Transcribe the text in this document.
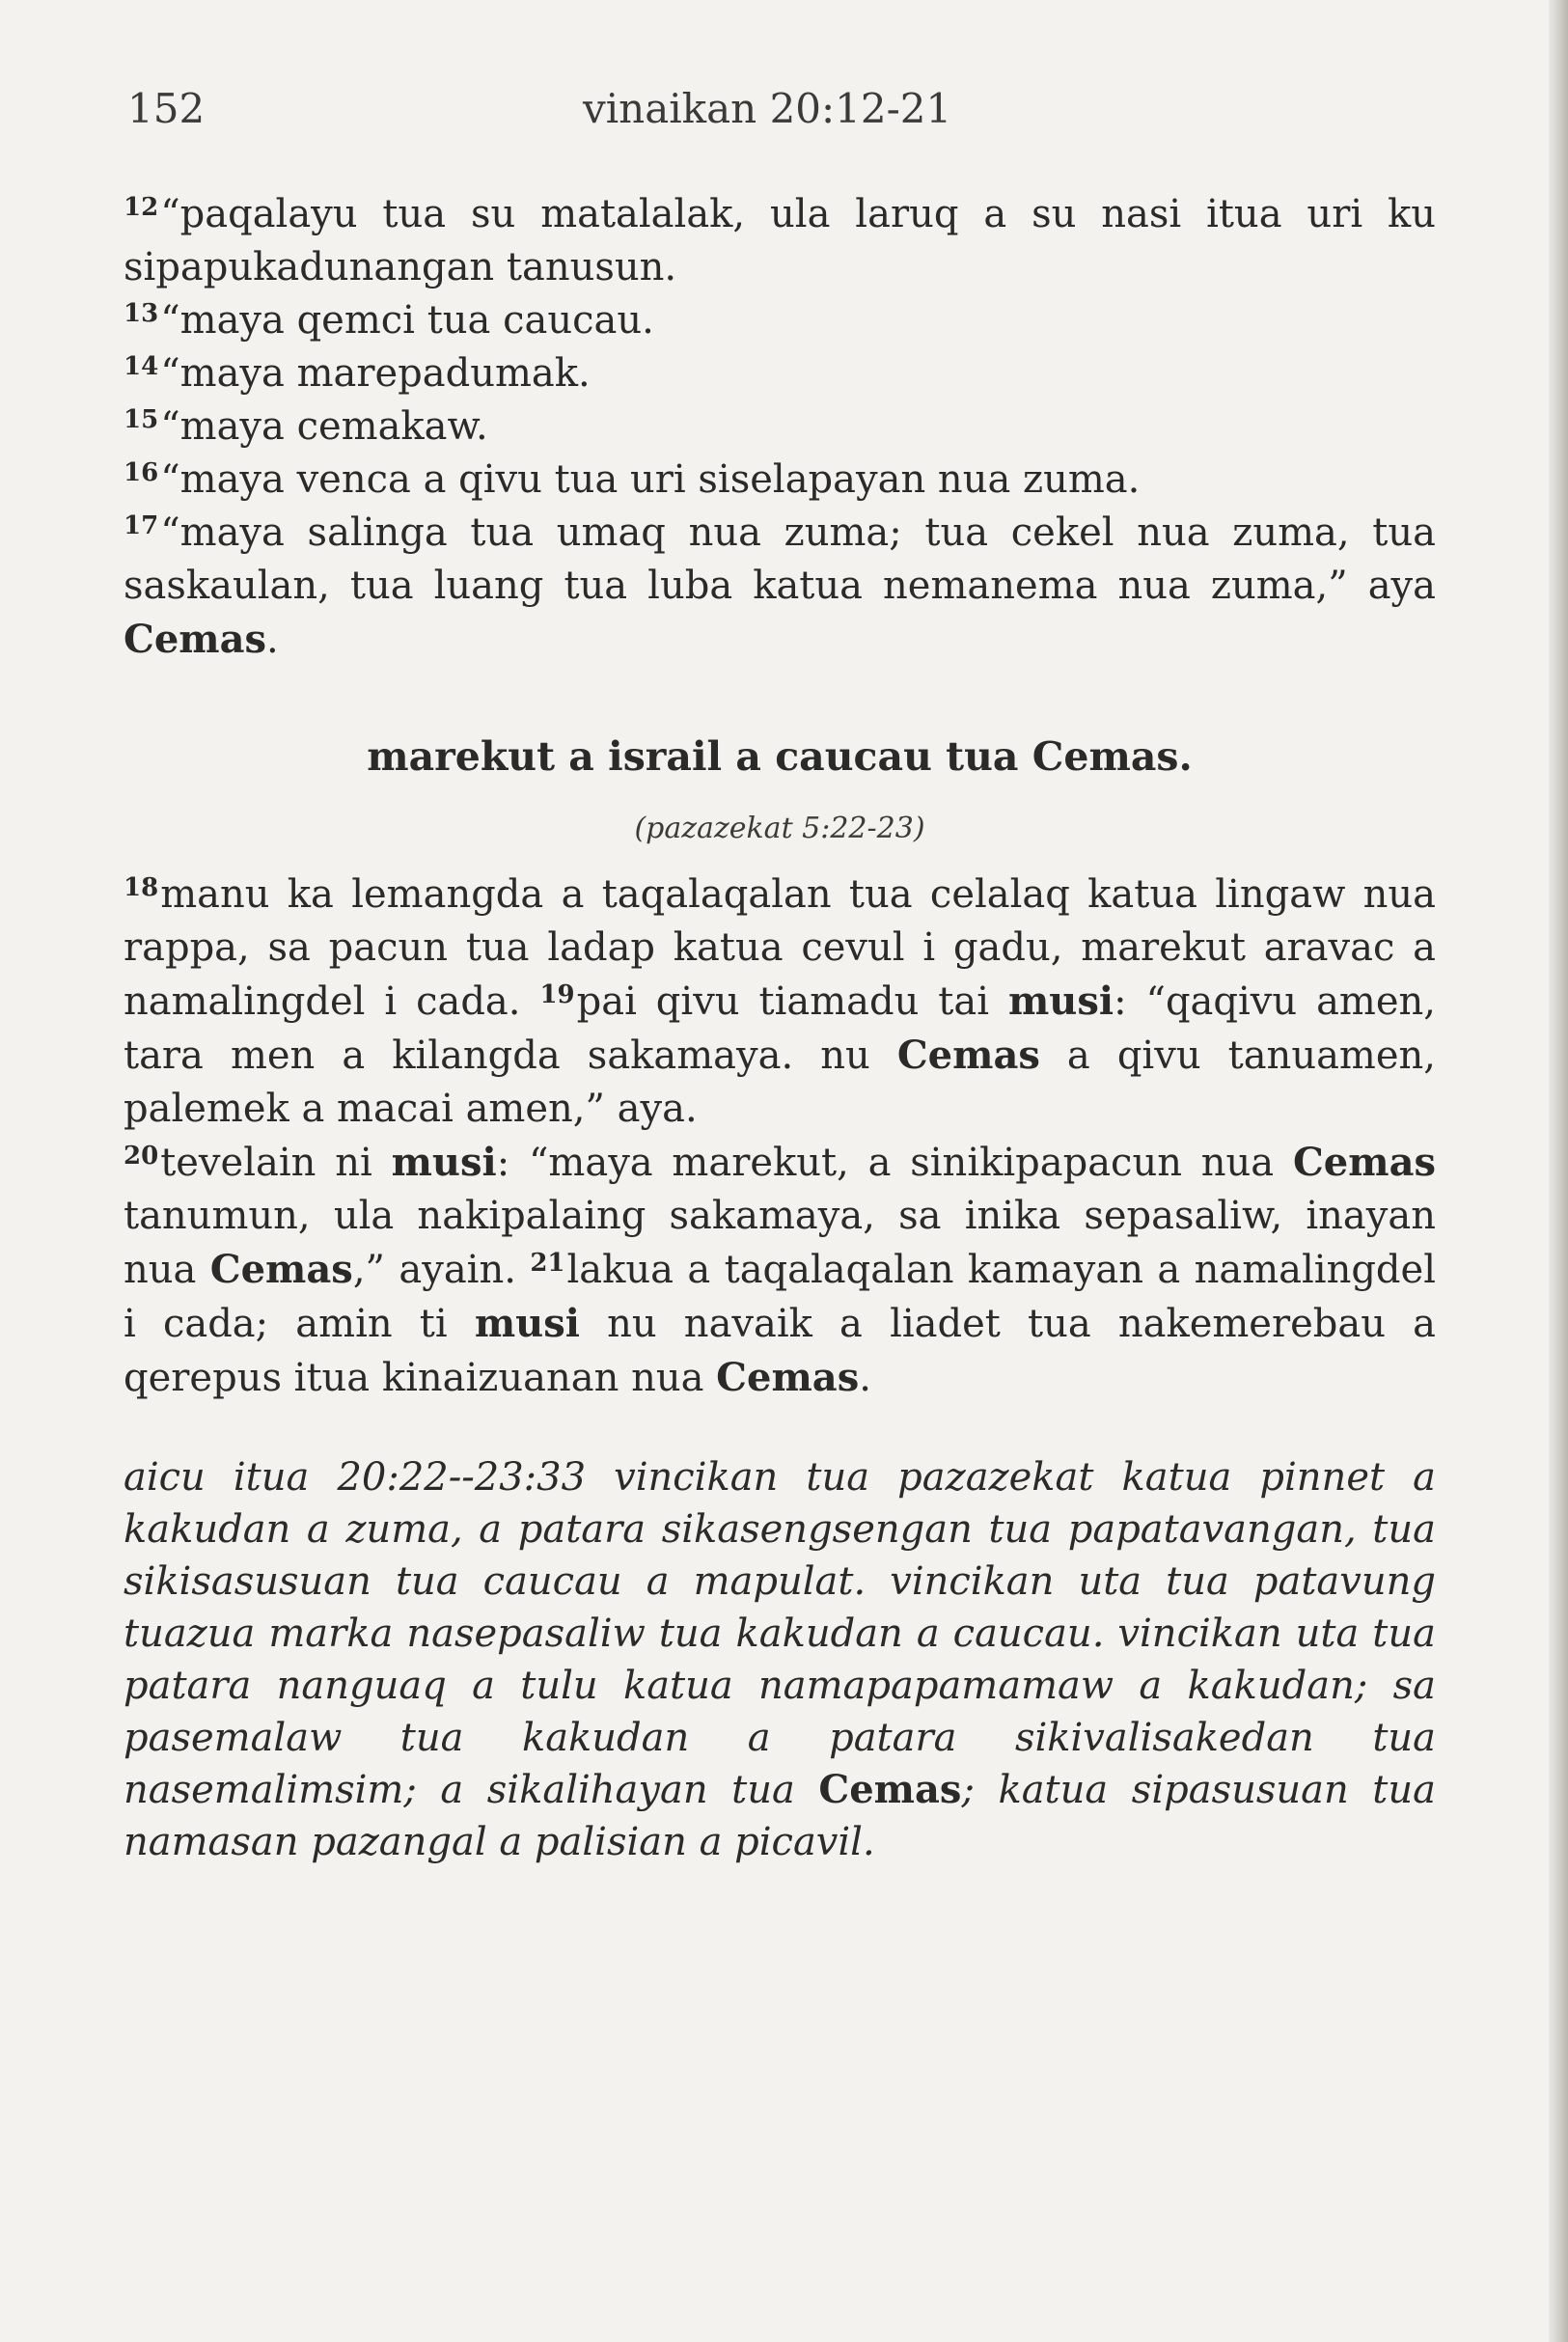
152	vinaikan 20:12-21

$^{12}$“paqalayu tua su matalalak, ula laruq a su nasi itua uri ku sipapukadunangan tanusun.

$^{13}$“maya qemci tua caucau.

$^{14}$“maya marepadumak.

$^{15}$“maya cemakaw.

$^{16}$“maya venca a qivu tua uri siselapayan nua zuma.

$^{17}$“maya salinga tua umaq nua zuma; tua cekel nua zuma, tua saskaulan, tua luang tua luba katua nemanema nua zuma,” aya Cemas.

marekut a israil a caucau tua Cemas.
(pazazekat 5:22-23)

$^{18}$manu ka lemangda a taqalaqalan tua celalaq katua lingaw nua rappa, sa pacun tua ladap katua cevul i gadu, marekut aravac a namalingdel i cada. $^{19}$pai qivu tiamadu tai musi: “qaqivu amen, tara men a kilangda sakamaya. nu Cemas a qivu tanuamen, palemek a macai amen,” aya.

$^{20}$tevelain ni musi: “maya marekut, a sinikipapacun nua Cemas tanumun, ula nakipalaing sakamaya, sa inika sepasaliw, inayan nua Cemas,” ayain. $^{21}$lakua a taqalaqalan kamayan a namalingdel i cada; amin ti musi nu navaik a liadet tua nakemerebau a qerepus itua kinaizuanan nua Cemas.

aicu itua 20:22--23:33 vincikan tua pazazekat katua pinnet a kakudan a zuma, a patara sikasengsengan tua papatavangan, tua sikisasusuan tua caucau a mapulat. vincikan uta tua patavung tuazua marka nasepasaliw tua kakudan a caucau. vincikan uta tua patara nanguaq a tulu katua namapapamamaw a kakudan; sa pasemalaw tua kakudan a patara sikivalisakedan tua nasemalimsim; a sikalihayan tua Cemas; katua sipasusuan tua namasan pazangal a palisian a picavil.
